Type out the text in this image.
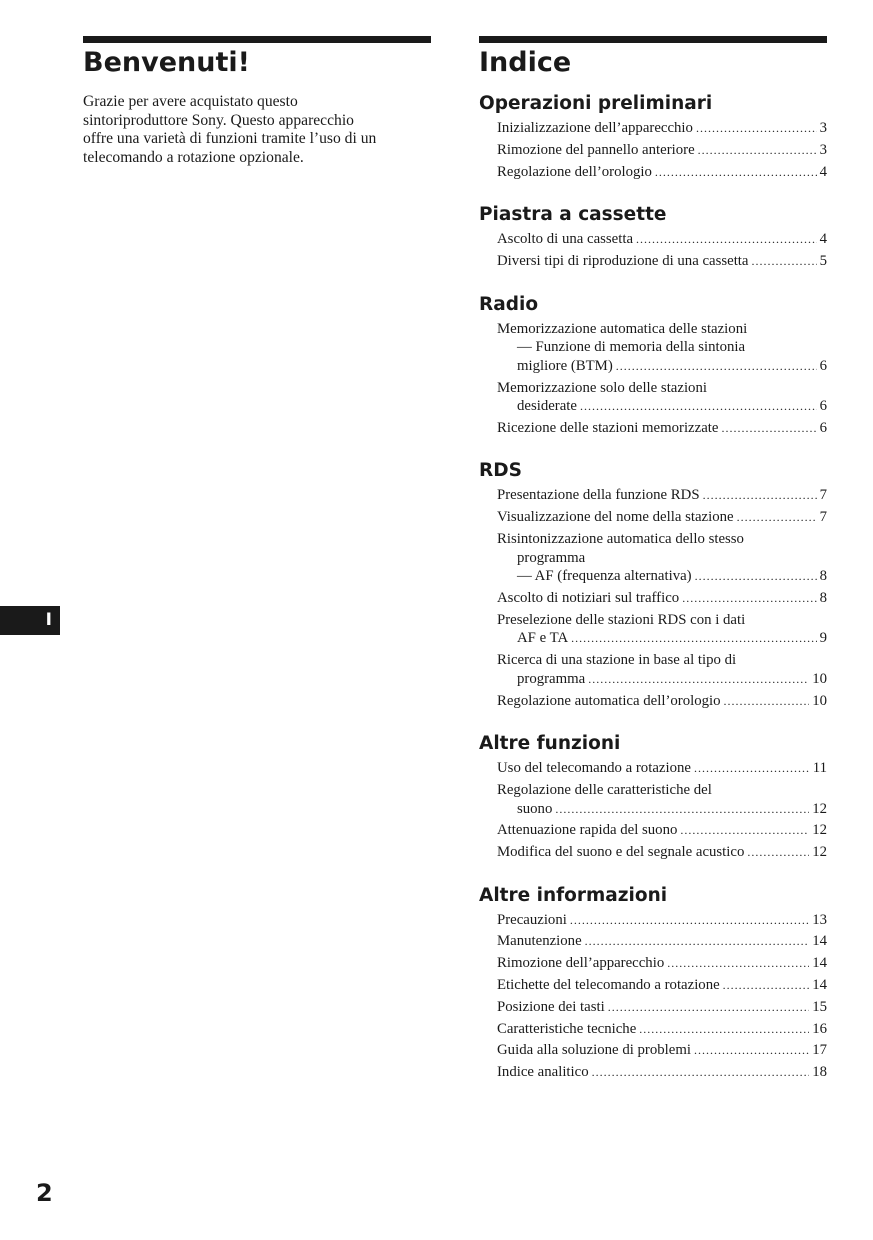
Benvenuti!

Grazie per avere acquistato questo
sintoriproduttore Sony. Questo apparecchio
offre una varietà di funzioni tramite l’uso di un
telecomando a rotazione opzionale.

Indice
Operazioni preliminari
Inizializzazione dell’apparecchio .....	3
Rimozione del pannello anteriore .....	3
Regolazione dell’orologio .....	4
Piastra a cassette
Ascolto di una cassetta .....	4
Diversi tipi di riproduzione di una cassetta .....	5
Radio
Memorizzazione automatica delle stazioni
— Funzione di memoria della sintonia
migliore (BTM) .....	6
Memorizzazione solo delle stazioni
desiderate .....	6
Ricezione delle stazioni memorizzate .....	6
RDS
Presentazione della funzione RDS .....	7
Visualizzazione del nome della stazione .....	7
Risintonizzazione automatica dello stesso
programma
— AF (frequenza alternativa) .....	8
Ascolto di notiziari sul traffico .....	8
Preselezione delle stazioni RDS con i dati
AF e TA .....	9
Ricerca di una stazione in base al tipo di
programma .....	10
Regolazione automatica dell’orologio .....	10
Altre funzioni
Uso del telecomando a rotazione .....	11
Regolazione delle caratteristiche del
suono .....	12
Attenuazione rapida del suono .....	12
Modifica del suono e del segnale acustico .....	12
Altre informazioni
Precauzioni .....	13
Manutenzione .....	14
Rimozione dell’apparecchio .....	14
Etichette del telecomando a rotazione .....	14
Posizione dei tasti .....	15
Caratteristiche tecniche .....	16
Guida alla soluzione di problemi .....	17
Indice analitico .....	18
I
2
